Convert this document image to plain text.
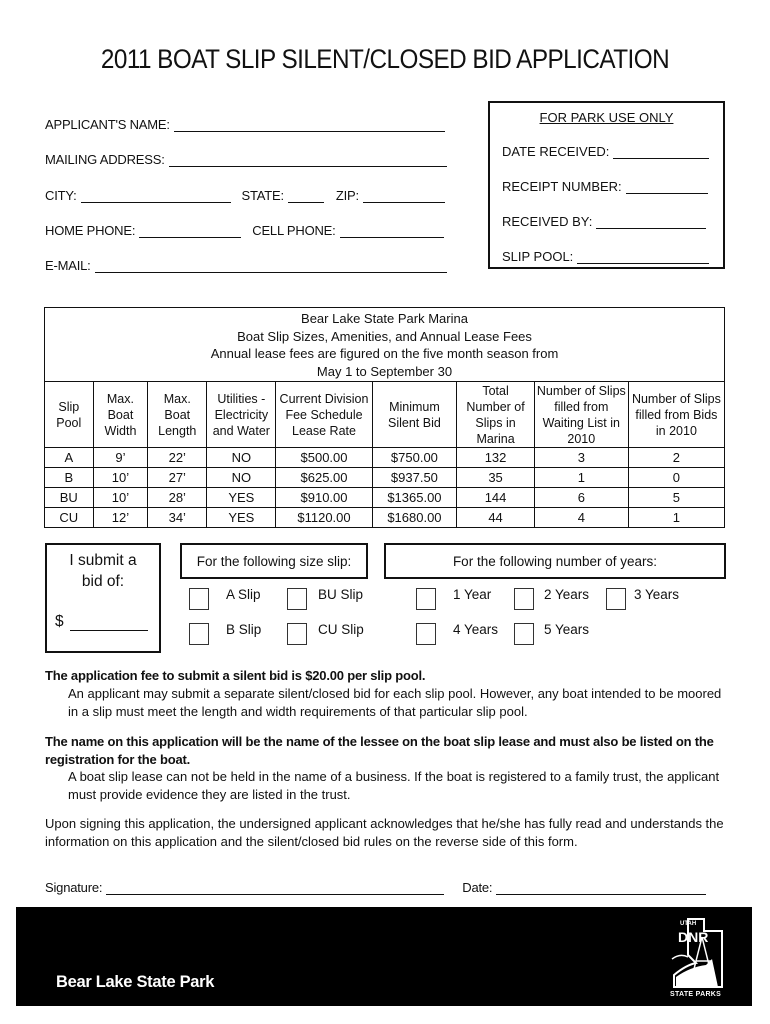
2011 BOAT SLIP SILENT/CLOSED BID APPLICATION
APPLICANT'S NAME:
MAILING ADDRESS:
CITY:	STATE:	ZIP:
HOME PHONE:	CELL PHONE:
E-MAIL:
FOR PARK USE ONLY
DATE RECEIVED:
RECEIPT NUMBER:
RECEIVED BY:
SLIP POOL:
Bear Lake State Park Marina
Boat Slip Sizes, Amenities, and Annual Lease Fees
Annual lease fees are figured on the five month season from
May 1 to September 30								

Slip Pool	Max. Boat Width	Max. Boat Length	Utilities - Electricity and Water	Current Division Fee Schedule Lease Rate	Minimum Silent Bid	Total Number of Slips in Marina	Number of Slips filled from Waiting List in 2010	Number of Slips filled from Bids in 2010
A	9’	22’	NO	$500.00	$750.00	132	3	2
B	10’	27’	NO	$625.00	$937.50	35	1	0
BU	10’	28’	YES	$910.00	$1365.00	144	6	5
CU	12’	34’	YES	$1120.00	$1680.00	44	4	1
I submit a
bid of:
$
For the following size slip:
A Slip	BU Slip
B Slip	CU Slip
For the following number of years:
1 Year	2 Years	3 Years
4 Years	5 Years
The application fee to submit a silent bid is $20.00 per slip pool.
An applicant may submit a separate silent/closed bid for each slip pool. However, any boat intended to be moored in a slip must meet the length and width requirements of that particular slip pool.
The name on this application will be the name of the lessee on the boat slip lease and must also be listed on the registration for the boat.
A boat slip lease can not be held in the name of a business. If the boat is registered to a family trust, the applicant must provide evidence they are listed in the trust.
Upon signing this application, the undersigned applicant acknowledges that he/she has fully read and understands the information on this application and the silent/closed bid rules on the reverse side of this form.
Signature:	Date:
Bear Lake State Park
UTAH
DNR
STATE PARKS
